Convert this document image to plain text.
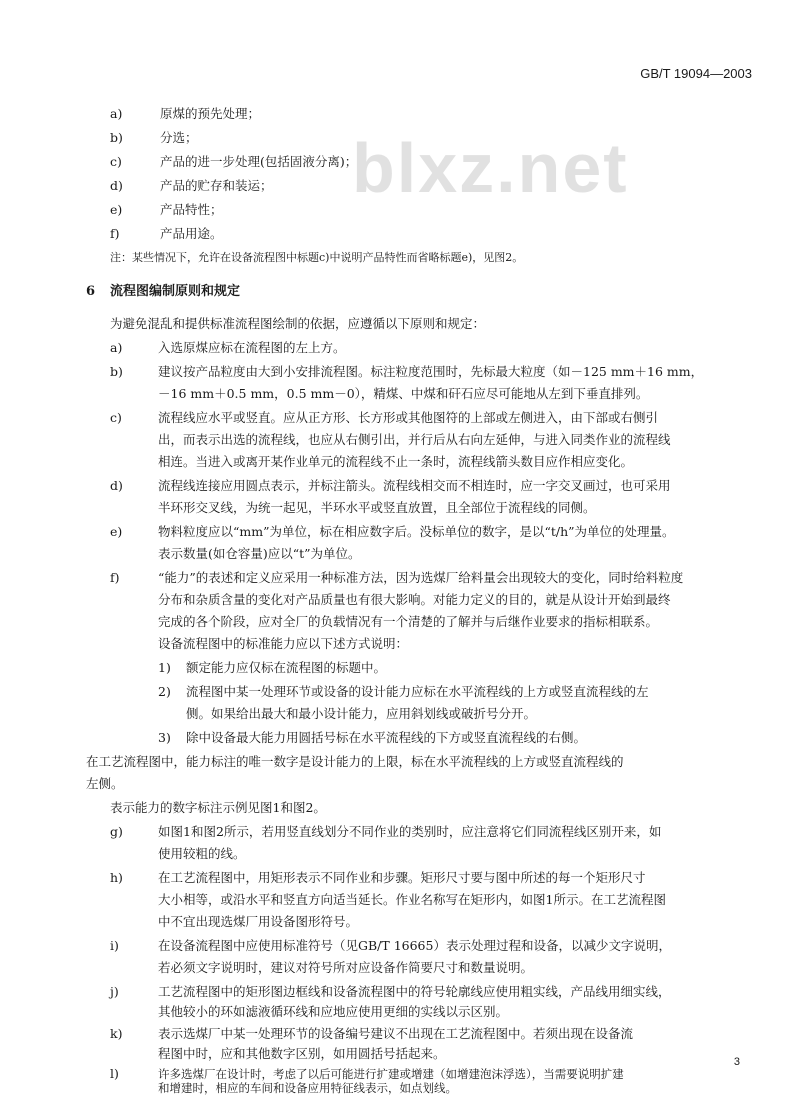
GB/T 19094—2003
blxz.net
a)	原煤的预先处理；
b)	分选；
c)	产品的进一步处理(包括固液分离)；
d)	产品的贮存和装运；
e)	产品特性；
f)	产品用途。
注：某些情况下，允许在设备流程图中标题c)中说明产品特性而省略标题e)，见图2。
6 流程图编制原则和规定
为避免混乱和提供标准流程图绘制的依据，应遵循以下原则和规定：
a)	入选原煤应标在流程图的左上方。
b)	建议按产品粒度由大到小安排流程图。标注粒度范围时，先标最大粒度（如－125 mm＋16 mm，
－16 mm＋0.5 mm，0.5 mm－0），精煤、中煤和矸石应尽可能地从左到下垂直排列。
c)	流程线应水平或竖直。应从正方形、长方形或其他图符的上部或左侧进入，由下部或右侧引
出，而表示出选的流程线，也应从右侧引出，并行后从右向左延伸，与进入同类作业的流程线
相连。当进入或离开某作业单元的流程线不止一条时，流程线箭头数目应作相应变化。
d)	流程线连接应用圆点表示，并标注箭头。流程线相交而不相连时，应一字交叉画过，也可采用
半环形交叉线，为统一起见，半环水平或竖直放置，且全部位于流程线的同侧。
e)	物料粒度应以“mm”为单位，标在相应数字后。没标单位的数字，是以“t/h”为单位的处理量。
表示数量(如仓容量)应以“t”为单位。
f)	“能力”的表述和定义应采用一种标准方法，因为选煤厂给料量会出现较大的变化，同时给料粒度
分布和杂质含量的变化对产品质量也有很大影响。对能力定义的目的，就是从设计开始到最终
完成的各个阶段，应对全厂的负载情况有一个清楚的了解并与后继作业要求的指标相联系。
设备流程图中的标准能力应以下述方式说明：
1) 额定能力应仅标在流程图的标题中。
2) 流程图中某一处理环节或设备的设计能力应标在水平流程线的上方或竖直流程线的左
侧。如果给出最大和最小设计能力，应用斜划线或破折号分开。
3) 除中设备最大能力用圆括号标在水平流程线的下方或竖直流程线的右侧。
在工艺流程图中，能力标注的唯一数字是设计能力的上限，标在水平流程线的上方或竖直流程线的
左侧。
表示能力的数字标注示例见图1和图2。
g)	如图1和图2所示，若用竖直线划分不同作业的类别时，应注意将它们同流程线区别开来，如
使用较粗的线。
h)	在工艺流程图中，用矩形表示不同作业和步骤。矩形尺寸要与图中所述的每一个矩形尺寸
大小相等，或沿水平和竖直方向适当延长。作业名称写在矩形内，如图1所示。在工艺流程图
中不宜出现选煤厂用设备图形符号。
i)	在设备流程图中应使用标准符号（见GB/T 16665）表示处理过程和设备，以减少文字说明，
若必须文字说明时，建议对符号所对应设备作简要尺寸和数量说明。
j)	工艺流程图中的矩形图边框线和设备流程图中的符号轮廓线应使用粗实线，产品线用细实线，
其他较小的环如滤液循环线和应地应使用更细的实线以示区别。
k)	表示选煤厂中某一处理环节的设备编号建议不出现在工艺流程图中。若须出现在设备流
程图中时，应和其他数字区别，如用圆括号括起来。
l)	许多选煤厂在设计时，考虑了以后可能进行扩建或增建（如增建泡沫浮选），当需要说明扩建
和增建时，相应的车间和设备应用特征线表示，如点划线。
3
